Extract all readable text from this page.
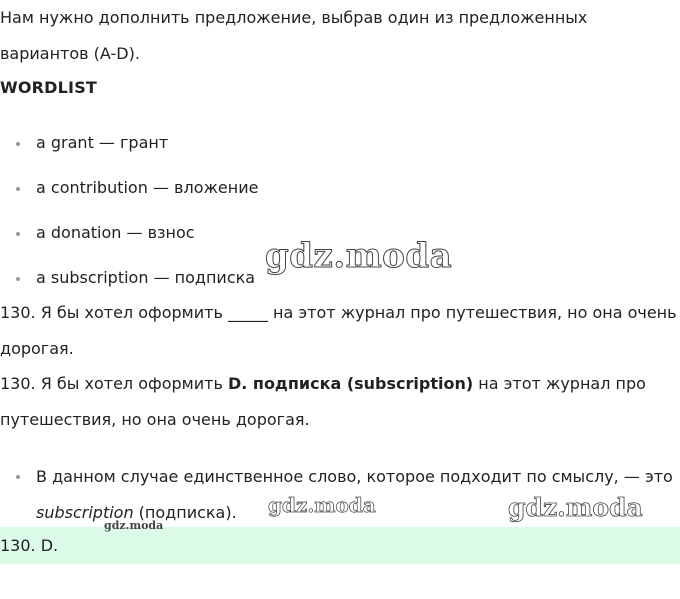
Нам нужно дополнить предложение, выбрав один из предложенных

вариантов (A-D).

WORDLIST

a grant — грант
a contribution — вложение
a donation — взнос
a subscription — подписка

130. Я бы хотел оформить _____ на этот журнал про путешествия, но она очень

дорогая.

130. Я бы хотел оформить D. подписка (subscription) на этот журнал про

путешествия, но она очень дорогая.

В данном случае единственное слово, которое подходит по смыслу, — это
subscription (подписка).
130. D.
gdz.moda
gdz.moda	gdz.moda
gdz.moda
